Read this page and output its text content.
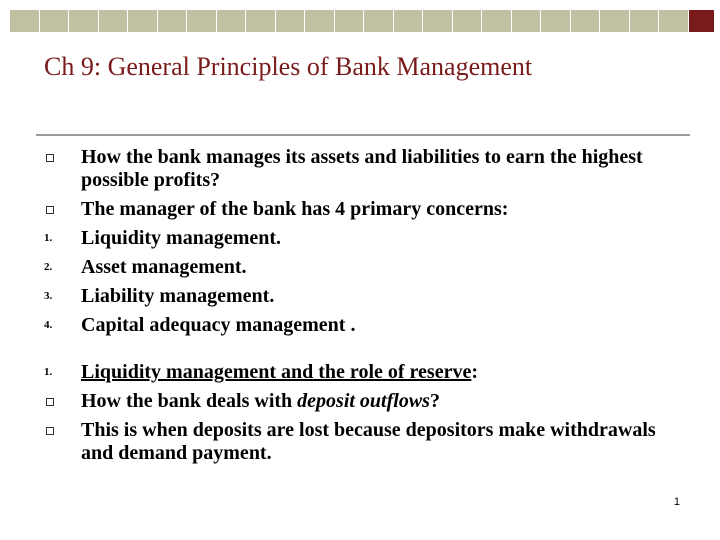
Ch 9: General Principles of Bank Management
How the bank manages its assets and liabilities to earn the highest possible profits?
The manager of the bank has 4 primary concerns:
1.	Liquidity management.
2.	Asset management.
3.	Liability management.
4.	Capital adequacy management .
1.	Liquidity management and the role of reserve:
How the bank deals with deposit outflows?
This is when deposits are lost because depositors make withdrawals and demand payment.
1
